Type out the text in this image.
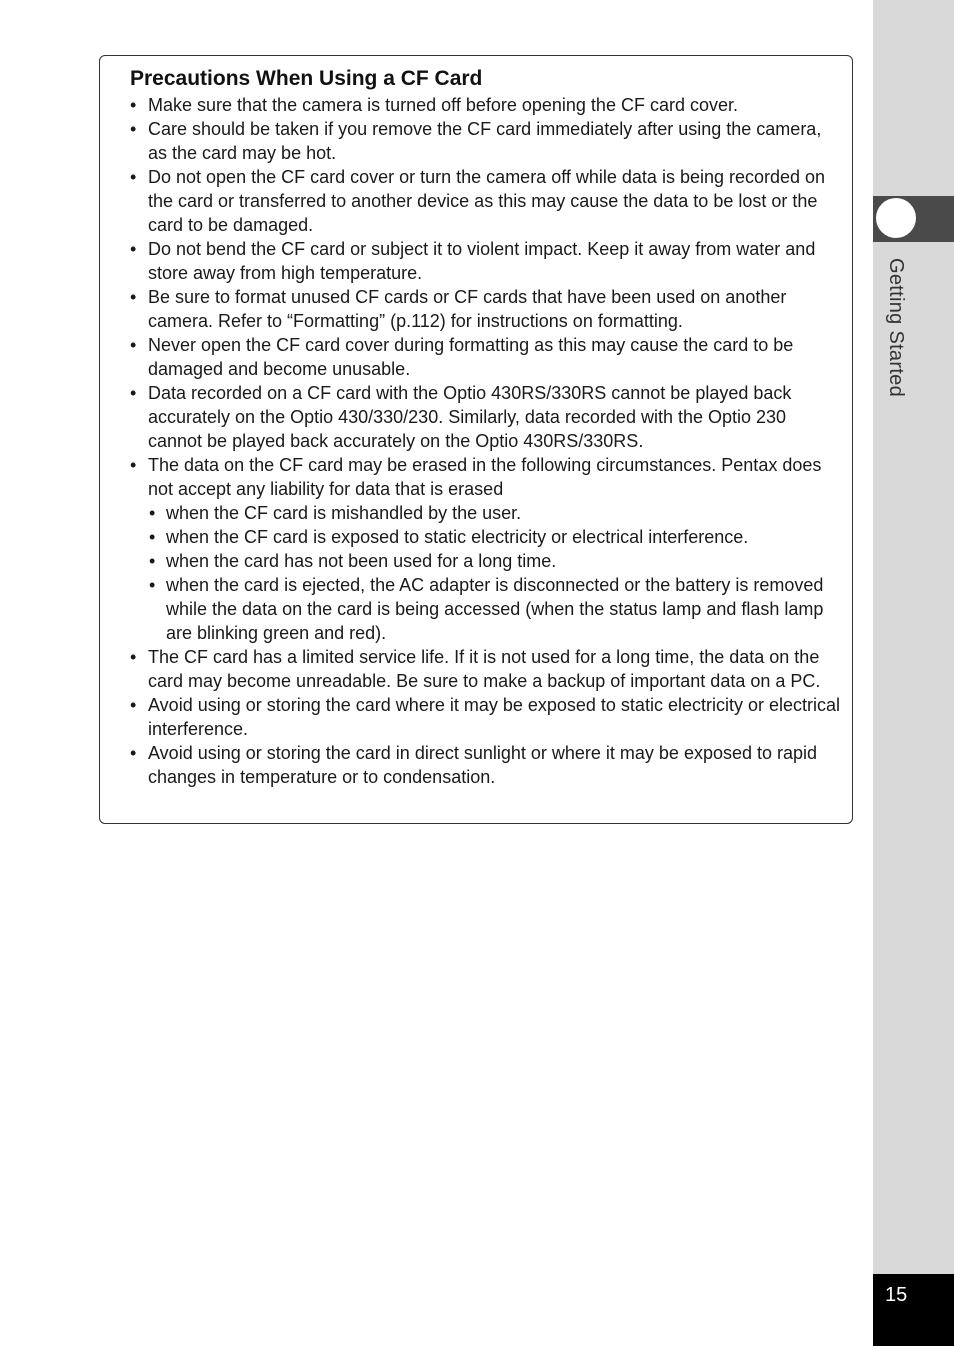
Getting Started
15
Precautions When Using a CF Card
• Make sure that the camera is turned off before opening the CF card cover.
• Care should be taken if you remove the CF card immediately after using the camera, as the card may be hot.
• Do not open the CF card cover or turn the camera off while data is being recorded on the card or transferred to another device as this may cause the data to be lost or the card to be damaged.
• Do not bend the CF card or subject it to violent impact. Keep it away from water and store away from high temperature.
• Be sure to format unused CF cards or CF cards that have been used on another camera. Refer to “Formatting” (p.112) for instructions on formatting.
• Never open the CF card cover during formatting as this may cause the card to be damaged and become unusable.
• Data recorded on a CF card with the Optio 430RS/330RS cannot be played back accurately on the Optio 430/330/230. Similarly, data recorded with the Optio 230 cannot be played back accurately on the Optio 430RS/330RS.
• The data on the CF card may be erased in the following circumstances. Pentax does not accept any liability for data that is erased
• when the CF card is mishandled by the user.
• when the CF card is exposed to static electricity or electrical interference.
• when the card has not been used for a long time.
• when the card is ejected, the AC adapter is disconnected or the battery is removed while the data on the card is being accessed (when the status lamp and flash lamp are blinking green and red).
• The CF card has a limited service life. If it is not used for a long time, the data on the card may become unreadable. Be sure to make a backup of important data on a PC.
• Avoid using or storing the card where it may be exposed to static electricity or electrical interference.
• Avoid using or storing the card in direct sunlight or where it may be exposed to rapid changes in temperature or to condensation.
